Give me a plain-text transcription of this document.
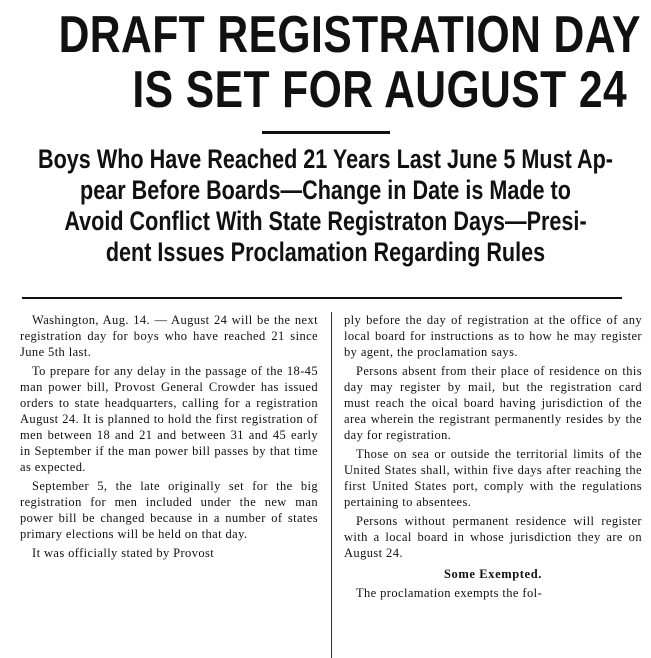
DRAFT REGISTRATION DAY
IS SET FOR AUGUST 24
Boys Who Have Reached 21 Years Last June 5 Must Ap-
pear Before Boards—Change in Date is Made to
Avoid Conflict With State Registraton Days—Presi-
dent Issues Proclamation Regarding Rules

Washington, Aug. 14. — August 24 will be the next registration day for boys who have reached 21 since June 5th last.

To prepare for any delay in the passage of the 18-45 man power bill, Provost General Crowder has issued orders to state headquarters, calling for a registration August 24. It is planned to hold the first registration of men between 18 and 21 and between 31 and 45 early in September if the man power bill passes by that time as expected.

September 5, the late originally set for the big registration for men included under the new man power bill be changed because in a number of states primary elections will be held on that day.

It was officially stated by Provost

ply before the day of registration at the office of any local board for instructions as to how he may register by agent, the proclamation says.

Persons absent from their place of residence on this day may register by mail, but the registration card must reach the oical board having jurisdiction of the area wherein the registrant permanently resides by the day for registration.

Those on sea or outside the territorial limits of the United States shall, within five days after reaching the first United States port, comply with the regulations pertaining to absentees.

Persons without permanent residence will register with a local board in whose jurisdiction they are on August 24.

Some Exempted.

The proclamation exempts the fol-
